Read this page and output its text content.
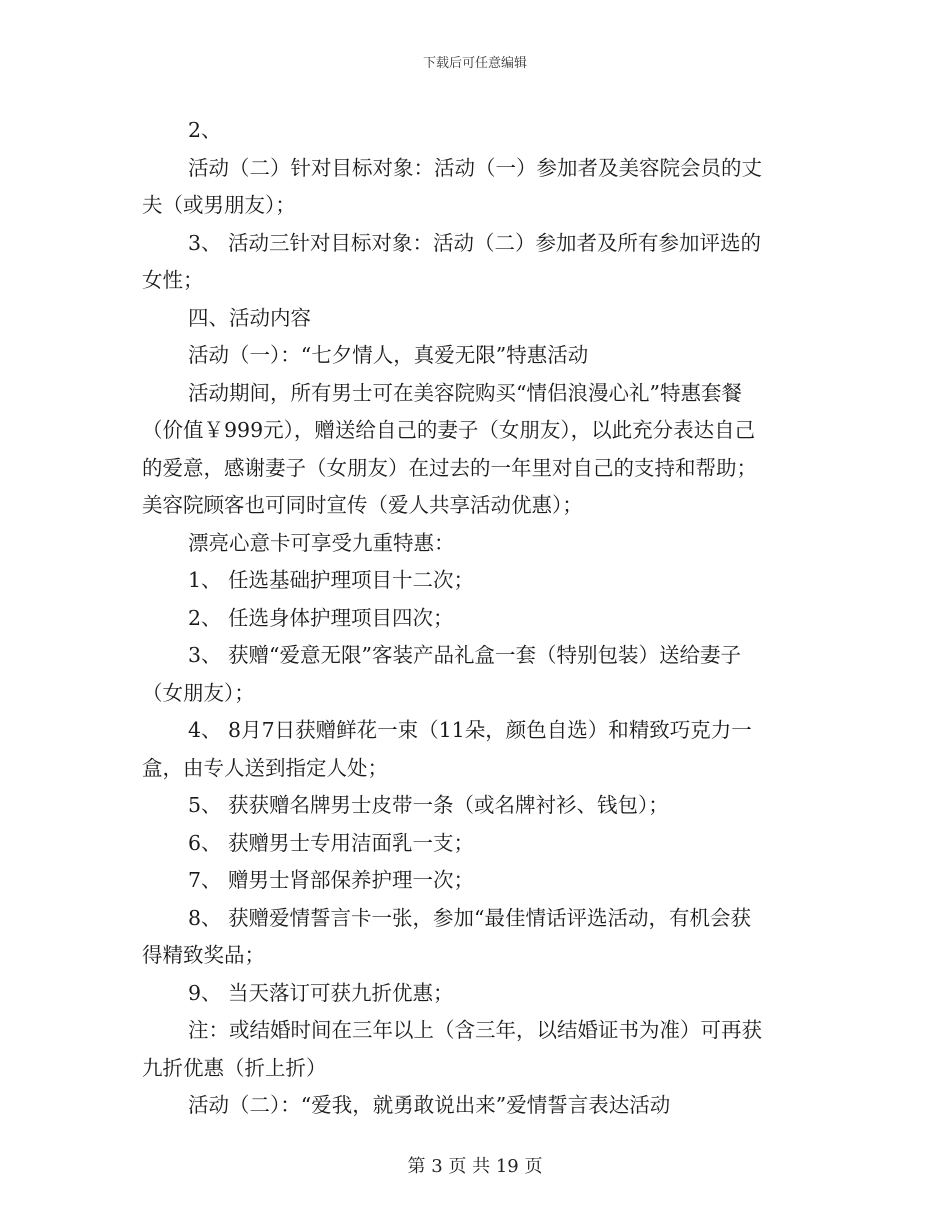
下载后可任意编辑
2、
活动（二）针对目标对象：活动（一）参加者及美容院会员的丈
夫（或男朋友）；
3、 活动三针对目标对象：活动（二）参加者及所有参加评选的
女性；
四、活动内容
活动（一）：“七夕情人，真爱无限”特惠活动
活动期间，所有男士可在美容院购买“情侣浪漫心礼”特惠套餐
（价值￥999元），赠送给自己的妻子（女朋友），以此充分表达自己
的爱意，感谢妻子（女朋友）在过去的一年里对自己的支持和帮助；
美容院顾客也可同时宣传（爱人共享活动优惠）；
漂亮心意卡可享受九重特惠：
1、 任选基础护理项目十二次；
2、 任选身体护理项目四次；
3、 获赠“爱意无限”客装产品礼盒一套（特别包装）送给妻子
（女朋友）；
4、 8月7日获赠鲜花一束（11朵，颜色自选）和精致巧克力一
盒，由专人送到指定人处；
5、 获获赠名牌男士皮带一条（或名牌衬衫、钱包）；
6、 获赠男士专用洁面乳一支；
7、 赠男士肾部保养护理一次；
8、 获赠爱情誓言卡一张，参加“最佳情话评选活动，有机会获
得精致奖品；
9、 当天落订可获九折优惠；
注：或结婚时间在三年以上（含三年，以结婚证书为准）可再获
九折优惠（折上折）
活动（二）：“爱我，就勇敢说出来”爱情誓言表达活动
第 3 页 共 19 页
